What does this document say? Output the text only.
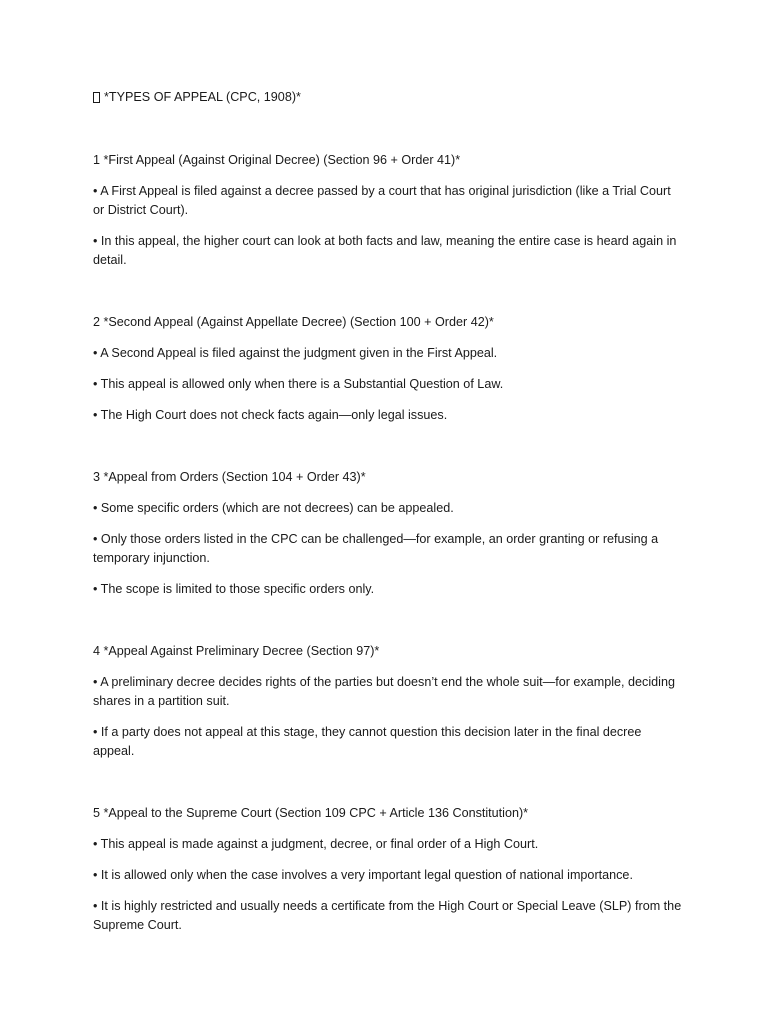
*TYPES OF APPEAL (CPC, 1908)*

1 *First Appeal (Against Original Decree) (Section 96 + Order 41)*

• A First Appeal is filed against a decree passed by a court that has original jurisdiction (like a Trial Court or District Court).

• In this appeal, the higher court can look at both facts and law, meaning the entire case is heard again in detail.

2 *Second Appeal (Against Appellate Decree) (Section 100 + Order 42)*

• A Second Appeal is filed against the judgment given in the First Appeal.

• This appeal is allowed only when there is a Substantial Question of Law.

• The High Court does not check facts again—only legal issues.

3 *Appeal from Orders (Section 104 + Order 43)*

• Some specific orders (which are not decrees) can be appealed.

• Only those orders listed in the CPC can be challenged—for example, an order granting or refusing a temporary injunction.

• The scope is limited to those specific orders only.

4 *Appeal Against Preliminary Decree (Section 97)*

• A preliminary decree decides rights of the parties but doesn’t end the whole suit—for example, deciding shares in a partition suit.

• If a party does not appeal at this stage, they cannot question this decision later in the final decree appeal.

5 *Appeal to the Supreme Court (Section 109 CPC + Article 136 Constitution)*

• This appeal is made against a judgment, decree, or final order of a High Court.

• It is allowed only when the case involves a very important legal question of national importance.

• It is highly restricted and usually needs a certificate from the High Court or Special Leave (SLP) from the Supreme Court.
